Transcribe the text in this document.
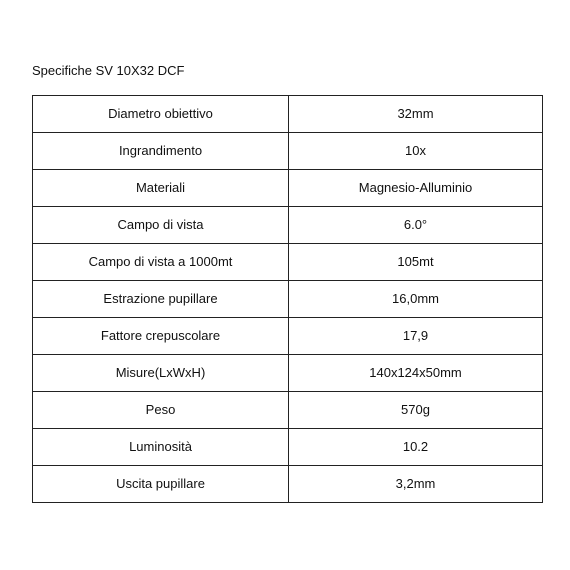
Specifiche SV 10X32 DCF
Diametro obiettivo	32mm
Ingrandimento	10x
Materiali	Magnesio-Alluminio
Campo di vista	6.0°
Campo di vista a 1000mt	105mt
Estrazione pupillare	16,0mm
Fattore crepuscolare	17,9
Misure(LxWxH)	140x124x50mm
Peso	570g
Luminosità	10.2
Uscita pupillare	3,2mm
